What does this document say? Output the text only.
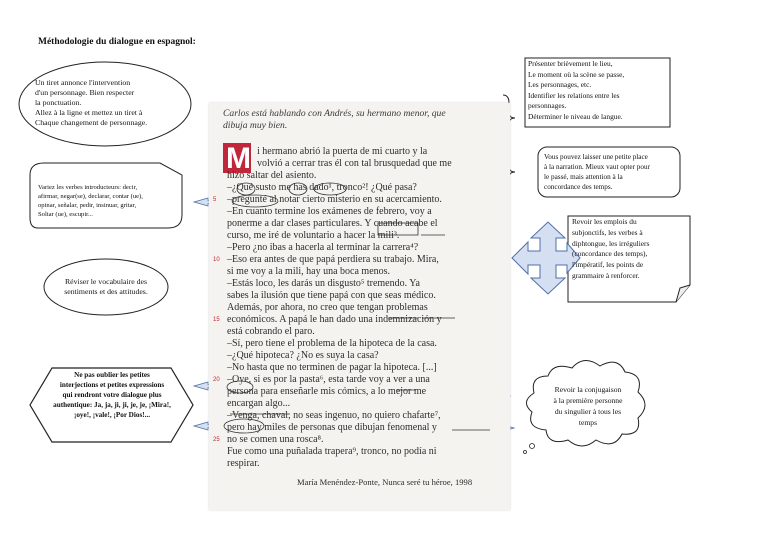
Méthodologie du dialogue en espagnol:
Carlos está hablando con Andrés, su hermano menor, que
dibuja muy bien.
M
5
10
15
20
25
i hermano abrió la puerta de mi cuarto y la
volvió a cerrar tras él con tal brusquedad que me
hizo saltar del asiento.
–¿Qué susto me has dado¹, tronco²! ¿Qué pasa?
–pregunté al notar cierto misterio en su acercamiento.
–En cuanto termine los exámenes de febrero, voy a
ponerme a dar clases particulares. Y cuando acabe el
curso, me iré de voluntario a hacer la mili³.
–Pero ¿no ibas a hacerla al terminar la carrera⁴?
–Eso era antes de que papá perdiera su trabajo. Mira,
si me voy a la mili, hay una boca menos.
–Estás loco, les darás un disgusto⁵ tremendo. Ya
sabes la ilusión que tiene papá con que seas médico.
Además, por ahora, no creo que tengan problemas
económicos. A papá le han dado una indemnización y
está cobrando el paro.
–Sí, pero tiene el problema de la hipoteca de la casa.
–¿Qué hipoteca? ¿No es suya la casa?
–No hasta que no terminen de pagar la hipoteca. [...]
–Oye, si es por la pasta⁶, esta tarde voy a ver a una
persona para enseñarle mis cómics, a lo mejor me
encargan algo...
–Venga, chaval, no seas ingenuo, no quiero chafarte⁷,
pero hay miles de personas que dibujan fenomenal y
no se comen una rosca⁸.
Fue como una puñalada trapera⁹, tronco, no podía ni
respirar.
María Menéndez-Ponte, Nunca seré tu héroe, 1998
Un tiret annonce l'intervention
d'un personnage. Bien respecter
la ponctuation.
Allez à la ligne et mettez un tiret à
Chaque changement de personnage.
Variez les verbes introducteurs: decir,
afirmar, negar(se), declarar, contar (ue),
opinar, señalar, pedir, insinuar, gritar,
Soltar (ue), escupir...
Réviser le vocabulaire des
sentiments et des attitudes.
Ne pas oublier les petites
interjections et petites expressions
qui rendront votre dialogue plus
authentique: Ja, ja, ji, ji, je, je, ¡Mira!,
¡oye!, ¡vale!, ¡Por Dios!...
Présenter brièvement le lieu,
Le moment où la scène se passe,
Les personnages, etc.
Identifier les relations entre les
personnages.
Déterminer le niveau de langue.
Vous pouvez laisser une petite place
à la narration. Mieux vaut opter pour
le passé, mais attention à la
concordance des temps.
Revoir les emplois du
subjonctifs, les verbes à
diphtongue, les irréguliers
(concordance des temps),
l'impératif, les points de
grammaire à renforcer.
Revoir la conjugaison
à la première personne
du singulier à tous les
temps
